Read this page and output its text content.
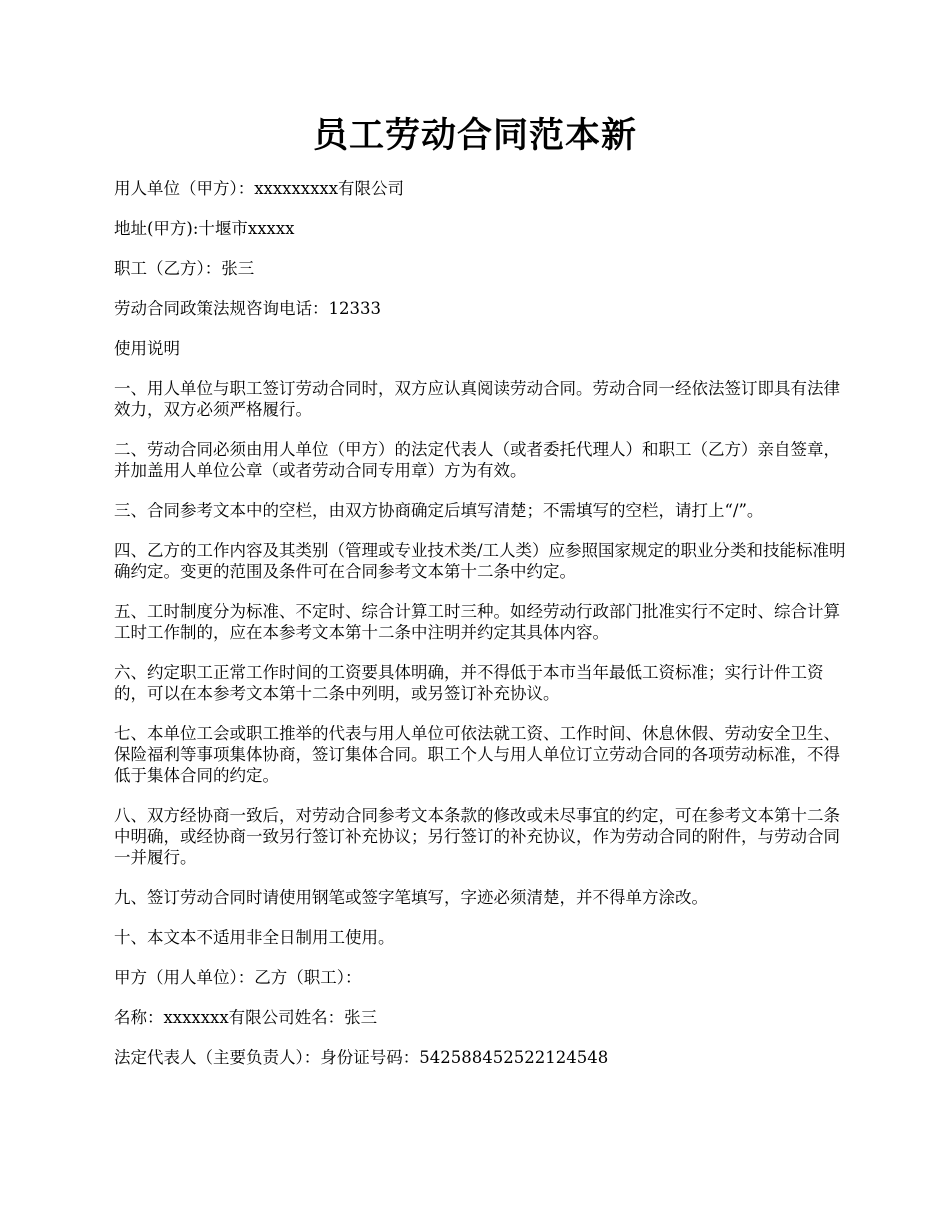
员工劳动合同范本新

用人单位（甲方）：xxxxxxxxx有限公司

地址(甲方):十堰市xxxxx

职工（乙方）：张三

劳动合同政策法规咨询电话：12333

使用说明

一、用人单位与职工签订劳动合同时，双方应认真阅读劳动合同。劳动合同一经依法签订即具有法律效力，双方必须严格履行。

二、劳动合同必须由用人单位（甲方）的法定代表人（或者委托代理人）和职工（乙方）亲自签章，并加盖用人单位公章（或者劳动合同专用章）方为有效。

三、合同参考文本中的空栏，由双方协商确定后填写清楚；不需填写的空栏，请打上“/”。

四、乙方的工作内容及其类别（管理或专业技术类/工人类）应参照国家规定的职业分类和技能标准明确约定。变更的范围及条件可在合同参考文本第十二条中约定。

五、工时制度分为标准、不定时、综合计算工时三种。如经劳动行政部门批准实行不定时、综合计算工时工作制的，应在本参考文本第十二条中注明并约定其具体内容。

六、约定职工正常工作时间的工资要具体明确，并不得低于本市当年最低工资标准；实行计件工资的，可以在本参考文本第十二条中列明，或另签订补充协议。

七、本单位工会或职工推举的代表与用人单位可依法就工资、工作时间、休息休假、劳动安全卫生、保险福利等事项集体协商，签订集体合同。职工个人与用人单位订立劳动合同的各项劳动标准，不得低于集体合同的约定。

八、双方经协商一致后，对劳动合同参考文本条款的修改或未尽事宜的约定，可在参考文本第十二条中明确，或经协商一致另行签订补充协议；另行签订的补充协议，作为劳动合同的附件，与劳动合同一并履行。

九、签订劳动合同时请使用钢笔或签字笔填写，字迹必须清楚，并不得单方涂改。

十、本文本不适用非全日制用工使用。

甲方（用人单位）：乙方（职工）：

名称：xxxxxxx有限公司姓名：张三

法定代表人（主要负责人）：身份证号码：542588452522124548
